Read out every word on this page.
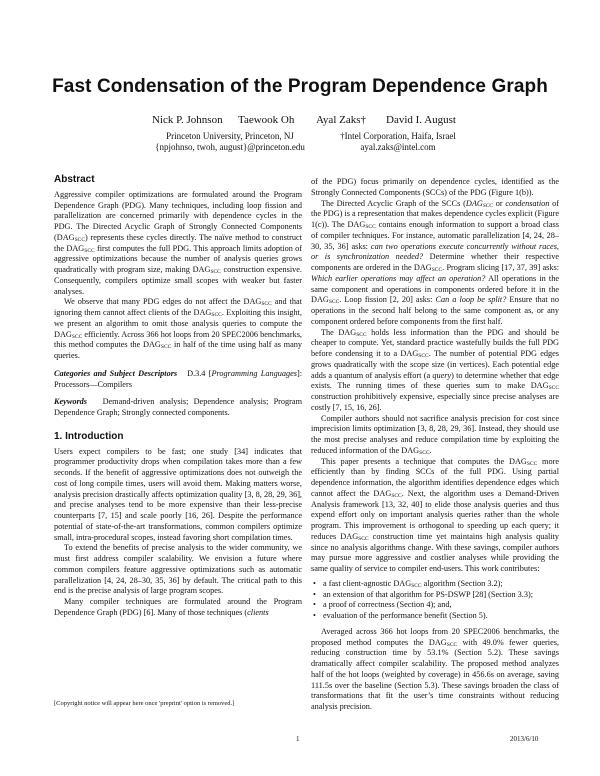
Fast Condensation of the Program Dependence Graph
Nick P. Johnson Taewook Oh Ayal Zaks† David I. August
Princeton University, Princeton, NJ
{npjohnso, twoh, august}@princeton.edu
†Intel Corporation, Haifa, Israel
ayal.zaks@intel.com
Abstract

Aggressive compiler optimizations are formulated around the Program Dependence Graph (PDG). Many techniques, including loop fission and parallelization are concerned primarily with dependence cycles in the PDG. The Directed Acyclic Graph of Strongly Connected Components $(DAG_{SCC})$ represents these cycles directly. The naïve method to construct the $DAG_{SCC}$ first computes the full PDG. This approach limits adoption of aggressive optimizations because the number of analysis queries grows quadratically with program size, making $DAG_{SCC}$ construction expensive. Consequently, compilers optimize small scopes with weaker but faster analyses.

We observe that many PDG edges do not affect the $DAG_{SCC}$ and that ignoring them cannot affect clients of the $DAG_{SCC}$. Exploiting this insight, we present an algorithm to omit those analysis queries to compute the $DAG_{SCC}$ efficiently. Across 366 hot loops from 20 SPEC2006 benchmarks, this method computes the $DAG_{SCC}$ in half of the time using half as many queries.

Categories and Subject Descriptors D.3.4 [Programming Languages]: Processors—Compilers

Keywords Demand-driven analysis; Dependence analysis; Program Dependence Graph; Strongly connected components.

1. Introduction

Users expect compilers to be fast; one study [34] indicates that programmer productivity drops when compilation takes more than a few seconds. If the benefit of aggressive optimizations does not outweigh the cost of long compile times, users will avoid them. Making matters worse, analysis precision drastically affects optimization quality [3, 8, 28, 29, 36], and precise analyses tend to be more expensive than their less-precise counterparts [7, 15] and scale poorly [16, 26]. Despite the performance potential of state-of-the-art transformations, common compilers optimize small, intra-procedural scopes, instead favoring short compilation times.

To extend the benefits of precise analysis to the wider community, we must first address compiler scalability. We envision a future where common compilers feature aggressive optimizations such as automatic parallelization [4, 24, 28–30, 35, 36] by default. The critical path to this end is the precise analysis of large program scopes.

Many compiler techniques are formulated around the Program Dependence Graph (PDG) [6]. Many of those techniques (clients

[Copyright notice will appear here once 'preprint' option is removed.]

of the PDG) focus primarily on dependence cycles, identified as the Strongly Connected Components (SCCs) of the PDG (Figure 1(b)).

The Directed Acyclic Graph of the SCCs ($DAG_{SCC}$ or condensation of the PDG) is a representation that makes dependence cycles explicit (Figure 1(c)). The $DAG_{SCC}$ contains enough information to support a broad class of compiler techniques. For instance, automatic parallelization [4, 24, 28–30, 35, 36] asks: can two operations execute concurrently without races, or is synchronization needed? Determine whether their respective components are ordered in the $DAG_{SCC}$. Program slicing [17, 37, 39] asks: Which earlier operations may affect an operation? All operations in the same component and operations in components ordered before it in the $DAG_{SCC}$. Loop fission [2, 20] asks: Can a loop be split? Ensure that no operations in the second half belong to the same component as, or any component ordered before components from the first half.

The $DAG_{SCC}$ holds less information than the PDG and should be cheaper to compute. Yet, standard practice wastefully builds the full PDG before condensing it to a $DAG_{SCC}$. The number of potential PDG edges grows quadratically with the scope size (in vertices). Each potential edge adds a quantum of analysis effort (a query) to determine whether that edge exists. The running times of these queries sum to make $DAG_{SCC}$ construction prohibitively expensive, especially since precise analyses are costly [7, 15, 16, 26].

Compiler authors should not sacrifice analysis precision for cost since imprecision limits optimization [3, 8, 28, 29, 36]. Instead, they should use the most precise analyses and reduce compilation time by exploiting the reduced information of the $DAG_{SCC}$.

This paper presents a technique that computes the $DAG_{SCC}$ more efficiently than by finding SCCs of the full PDG. Using partial dependence information, the algorithm identifies dependence edges which cannot affect the $DAG_{SCC}$. Next, the algorithm uses a Demand-Driven Analysis framework [13, 32, 40] to elide those analysis queries and thus expend effort only on important analysis queries rather than the whole program. This improvement is orthogonal to speeding up each query; it reduces $DAG_{SCC}$ construction time yet maintains high analysis quality since no analysis algorithms change. With these savings, compiler authors may pursue more aggressive and costlier analyses while providing the same quality of service to compiler end-users. This work contributes:

• a fast client-agnostic $DAG_{SCC}$ algorithm (Section 3.2);
• an extension of that algorithm for PS-DSWP [28] (Section 3.3);
• a proof of correctness (Section 4); and,
• evaluation of the performance benefit (Section 5).

Averaged across 366 hot loops from 20 SPEC2006 benchmarks, the proposed method computes the $DAG_{SCC}$ with 49.0% fewer queries, reducing construction time by 53.1% (Section 5.2). These savings dramatically affect compiler scalability. The proposed method analyzes half of the hot loops (weighted by coverage) in 456.6s on average, saving 111.5s over the baseline (Section 5.3). These savings broaden the class of transformations that fit the user’s time constraints without reducing analysis precision.

1	2013/6/10
